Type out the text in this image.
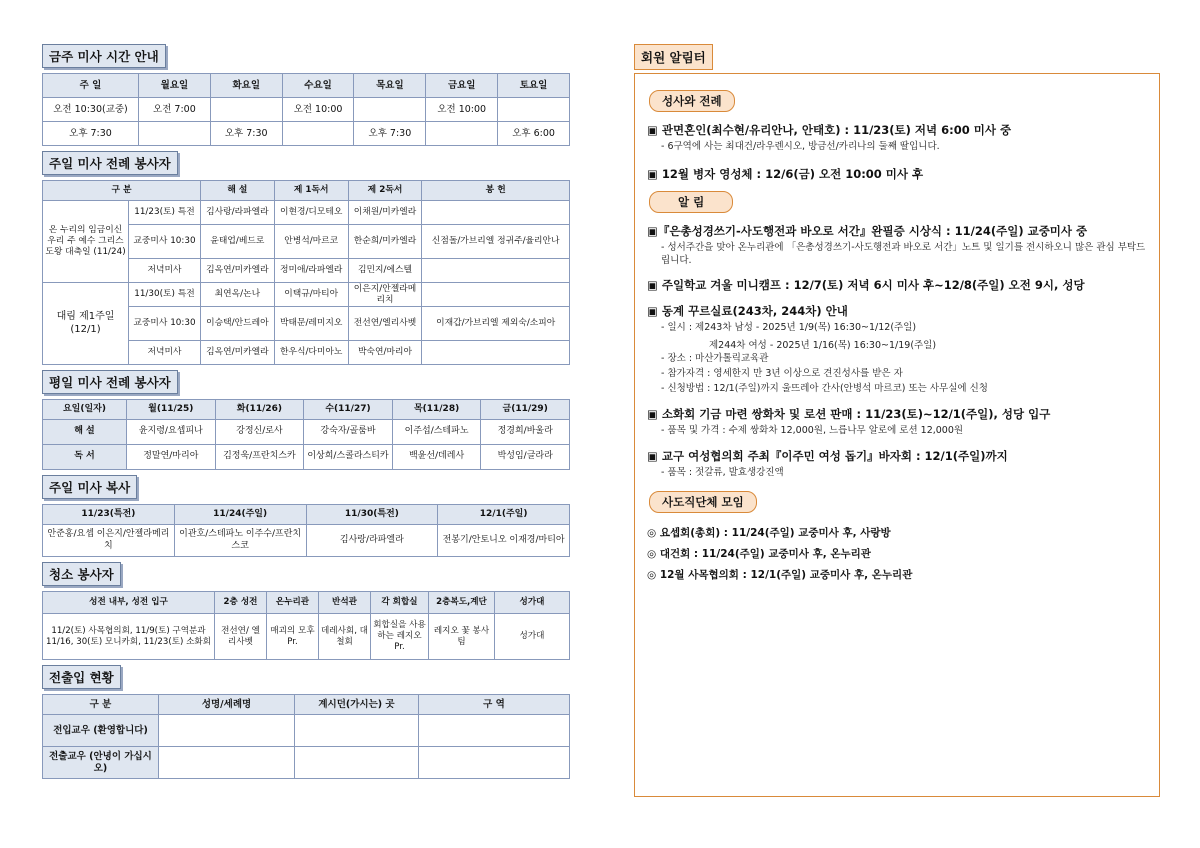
금주 미사 시간 안내
주 일	월요일	화요일	수요일	목요일	금요일	토요일
오전 10:30(교중)	오전 7:00		오전 10:00		오전 10:00	
오후 7:30		오후 7:30		오후 7:30		오후 6:00
주일 미사 전례 봉사자
구 분		해 설	제 1독서	제 2독서	봉 헌
온 누리의 임금이신 우리 주 예수 그리스도왕 대축일 (11/24)	11/23(토) 특전	김사랑/라파엘라	이현경/디모테오	이채원/미카엘라	
	교중미사 10:30	윤태업/베드로	안병석/마르코	한순희/미카엘라	신점돌/가브리엘 정귀주/율리안나
	저녁미사	김옥연/미카엘라	정미애/라파엘라	김민지/에스텔	
대림 제1주일 (12/1)	11/30(토) 특전	최연옥/논나	이택규/마티아	이은지/안젤라메리치	
	교중미사 10:30	이승택/안드레아	박태문/레미지오	전선연/엘리사벳	이재갑/가브리엘 제외숙/소피아
	저녁미사	김옥연/미카엘라	한우식/다미아노	박숙연/마리아	
평일 미사 전례 봉사자
요일(일자)	월(11/25)	화(11/26)	수(11/27)	목(11/28)	금(11/29)
해 설	윤지령/요셉피나	강정신/로사	강숙자/골룸바	이주섭/스테파노	정경희/바울라
독 서	정말연/마리아	김정욱/프란치스카	이상희/스콜라스티카	백윤선/데레사	박성임/글라라
주일 미사 복사
11/23(특전)	11/24(주일)	11/30(특전)	12/1(주일)
안준홍/요셉 이은지/안젤라메리치	이관호/스테파노 이주수/프란치스코	김사랑/라파엘라	전봉기/안토니오 이재경/마티아
청소 봉사자
성전 내부, 성전 입구	2층 성전	온누리관	반석관	각 회합실	2층복도,계단	성가대
11/2(토) 사목협의회, 11/9(토) 구역분과 11/16, 30(토) 모니카회, 11/23(토) 소화회	전선연/ 엘리사벳	매괴의 모후 Pr.	데레사회, 대철회	회합실을 사용하는 레지오 Pr.	레지오 꽃 봉사팀	성가대
전출입 현황
구 분	성명/세례명	계시던(가시는) 곳	구 역
전입교우 (환영합니다)			
전출교우 (안녕이 가십시오)			
회원 알림터
성사와 전례
▣ 관면혼인(최수현/유리안나, 안태호) : 11/23(토) 저녁 6:00 미사 중
- 6구역에 사는 최대건/라우렌시오, 방금선/카리나의 둘째 딸입니다.
▣ 12월 병자 영성체 : 12/6(금) 오전 10:00 미사 후
알 림
▣『은총성경쓰기-사도행전과 바오로 서간』완필증 시상식 : 11/24(주일) 교중미사 중
- 성서주간을 맞아 온누리관에 「은총성경쓰기-사도행전과 바오로 서간」노트 및 일기를 전시하오니 많은 관심 부탁드립니다.
▣ 주일학교 겨울 미니캠프 : 12/7(토) 저녁 6시 미사 후~12/8(주일) 오전 9시, 성당
▣ 동계 꾸르실료(243차, 244차) 안내
- 일시 : 제243차 남성 - 2025년 1/9(목) 16:30~1/12(주일)
제244차 여성 - 2025년 1/16(목) 16:30~1/19(주일)
- 장소 : 마산가톨릭교육관
- 참가자격 : 영세한지 만 3년 이상으로 견진성사를 받은 자
- 신청방법 : 12/1(주일)까지 울뜨레아 간사(안병석 마르코) 또는 사무실에 신청
▣ 소화회 기금 마련 쌍화차 및 로션 판매 : 11/23(토)~12/1(주일), 성당 입구
- 품목 및 가격 : 수제 쌍화차 12,000원, 느릅나무 알로에 로션 12,000원
▣ 교구 여성협의회 주최『이주민 여성 돕기』바자회 : 12/1(주일)까지
- 품목 : 젓갈류, 발효생강진액
사도직단체 모임
◎ 요셉회(총회) : 11/24(주일) 교중미사 후, 사랑방
◎ 대건회 : 11/24(주일) 교중미사 후, 온누리관
◎ 12월 사목협의회 : 12/1(주일) 교중미사 후, 온누리관
